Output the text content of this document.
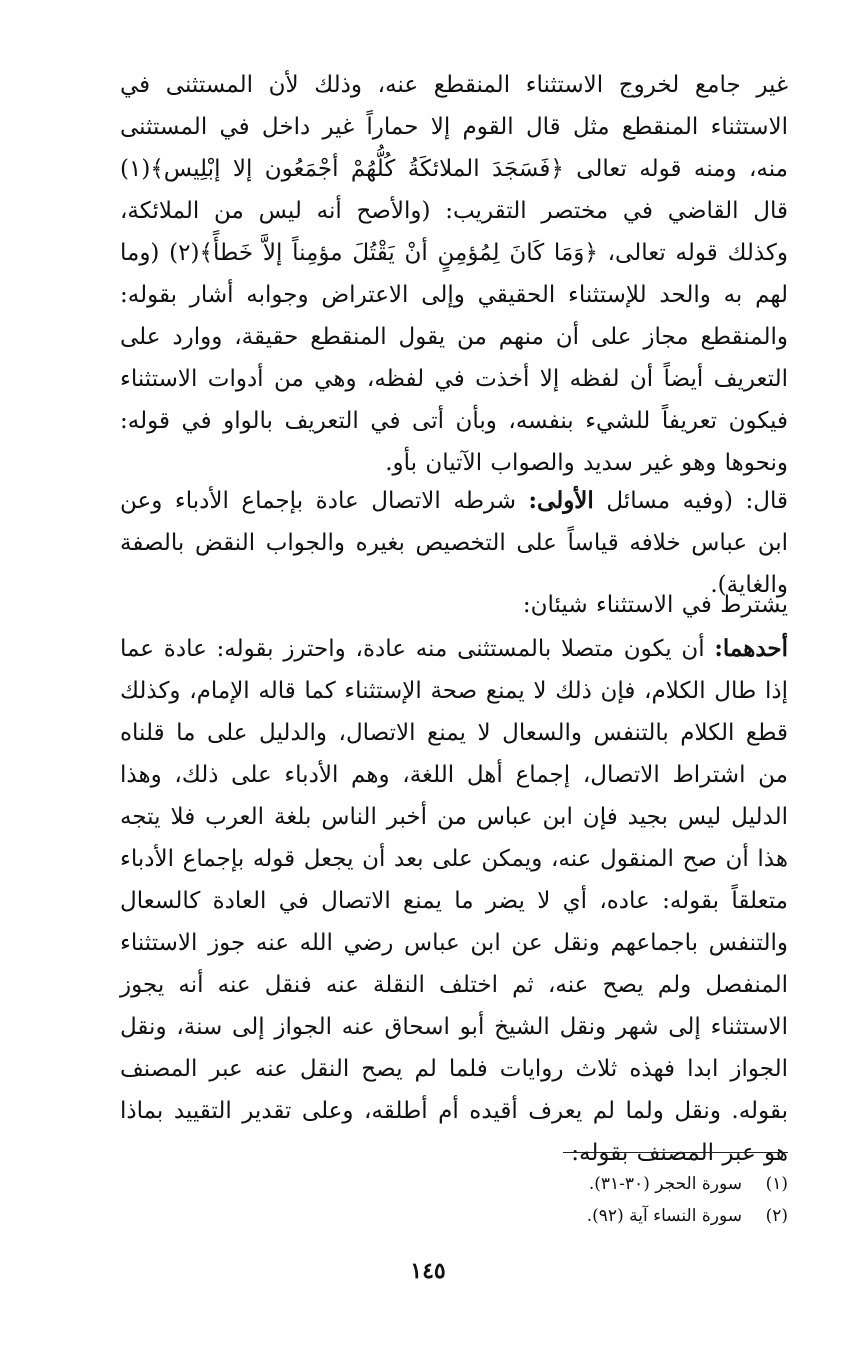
غير جامع لخروج الاستثناء المنقطع عنه، وذلك لأن المستثنى في الاستثناء المنقطع مثل قال القوم إلا حماراً غير داخل في المستثنى منه، ومنه قوله تعالى ﴿فَسَجَدَ الملائكَةُ كُلُّهُمْ أجْمَعُون إلا إبْلِيس﴾(١) قال القاضي في مختصر التقريب: (والأصح أنه ليس من الملائكة، وكذلك قوله تعالى، ﴿وَمَا كَانَ لِمُؤمِنٍ أنْ يَقْتُلَ مؤمِناً إلاَّ خَطأً﴾(٢) (وما لهم به والحد للإستثناء الحقيقي وإلى الاعتراض وجوابه أشار بقوله: والمنقطع مجاز على أن منهم من يقول المنقطع حقيقة، ووارد على التعريف أيضاً أن لفظه إلا أخذت في لفظه، وهي من أدوات الاستثناء فيكون تعريفاً للشيء بنفسه، وبأن أتى في التعريف بالواو في قوله: ونحوها وهو غير سديد والصواب الآتيان بأو.

قال: (وفيه مسائل الأولى: شرطه الاتصال عادة بإجماع الأدباء وعن ابن عباس خلافه قياساً على التخصيص بغيره والجواب النقض بالصفة والغاية).

يشترط في الاستثناء شيئان:

أحدهما: أن يكون متصلا بالمستثنى منه عادة، واحترز بقوله: عادة عما إذا طال الكلام، فإن ذلك لا يمنع صحة الإستثناء كما قاله الإمام، وكذلك قطع الكلام بالتنفس والسعال لا يمنع الاتصال، والدليل على ما قلناه من اشتراط الاتصال، إجماع أهل اللغة، وهم الأدباء على ذلك، وهذا الدليل ليس بجيد فإن ابن عباس من أخبر الناس بلغة العرب فلا يتجه هذا أن صح المنقول عنه، ويمكن على بعد أن يجعل قوله بإجماع الأدباء متعلقاً بقوله: عاده، أي لا يضر ما يمنع الاتصال في العادة كالسعال والتنفس باجماعهم ونقل عن ابن عباس رضي الله عنه جوز الاستثناء المنفصل ولم يصح عنه، ثم اختلف النقلة عنه فنقل عنه أنه يجوز الاستثناء إلى شهر ونقل الشيخ أبو اسحاق عنه الجواز إلى سنة، ونقل الجواز ابدا فهذه ثلاث روايات فلما لم يصح النقل عنه عبر المصنف بقوله. ونقل ولما لم يعرف أقيده أم أطلقه، وعلى تقدير التقييد بماذا هو عبر المصنف بقوله:

(١)
سورة الحجر (٣٠-٣١).
(٢)
سورة النساء آية (٩٢).
١٤٥
